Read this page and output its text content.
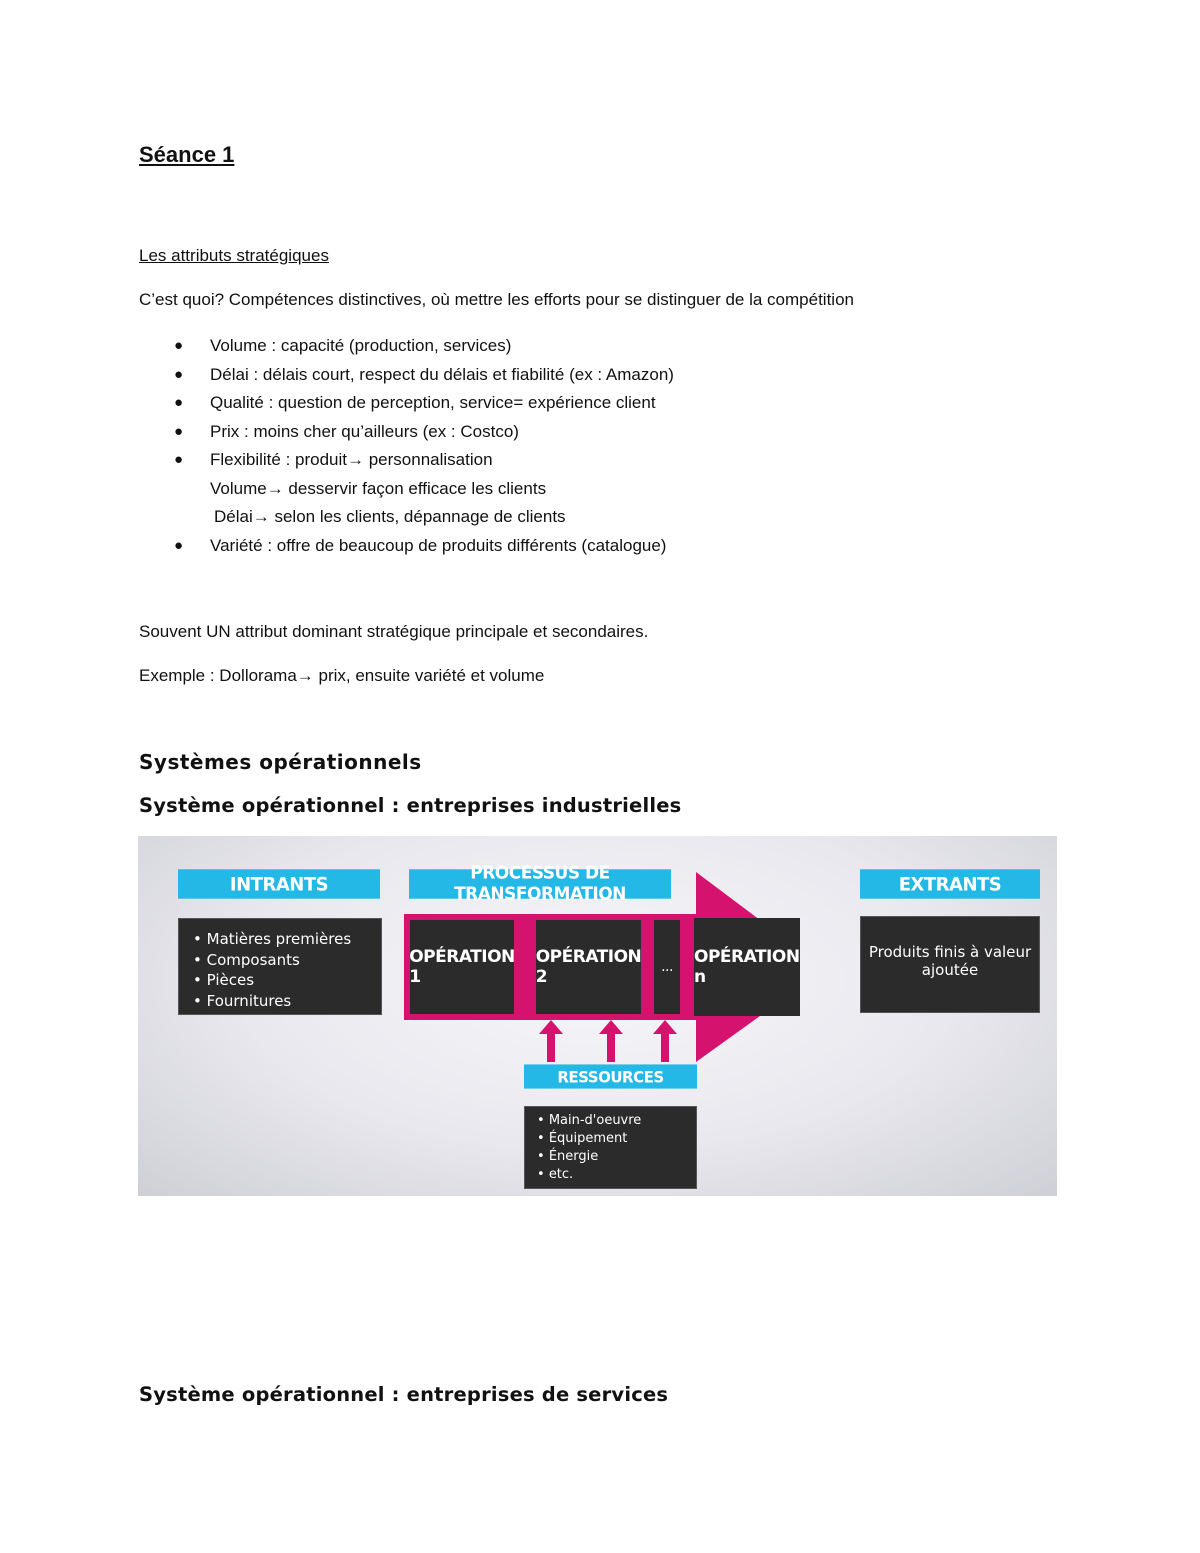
Séance 1

Les attributs stratégiques

C’est quoi? Compétences distinctives, où mettre les efforts pour se distinguer de la compétition

● Volume : capacité (production, services)
● Délai : délais court, respect du délais et fiabilité (ex : Amazon)
● Qualité : question de perception, service= expérience client
● Prix : moins cher qu’ailleurs (ex : Costco)
● Flexibilité : produit→ personnalisation
Volume→ desservir façon efficace les clients
Délai→ selon les clients, dépannage de clients
● Variété : offre de beaucoup de produits différents (catalogue)

Souvent UN attribut dominant stratégique principale et secondaires.

Exemple : Dollorama→ prix, ensuite variété et volume

Systèmes opérationnels
Système opérationnel : entreprises industrielles
INTRANTS
• Matières premières
• Composants
• Pièces
• Fournitures
PROCESSUS DE TRANSFORMATION
OPÉRATION 1
OPÉRATION 2	...	OPÉRATION n
RESSOURCES
• Main-d'oeuvre
• Équipement
• Énergie
• etc.
EXTRANTS
Produits finis à valeur ajoutée
Système opérationnel : entreprises de services
